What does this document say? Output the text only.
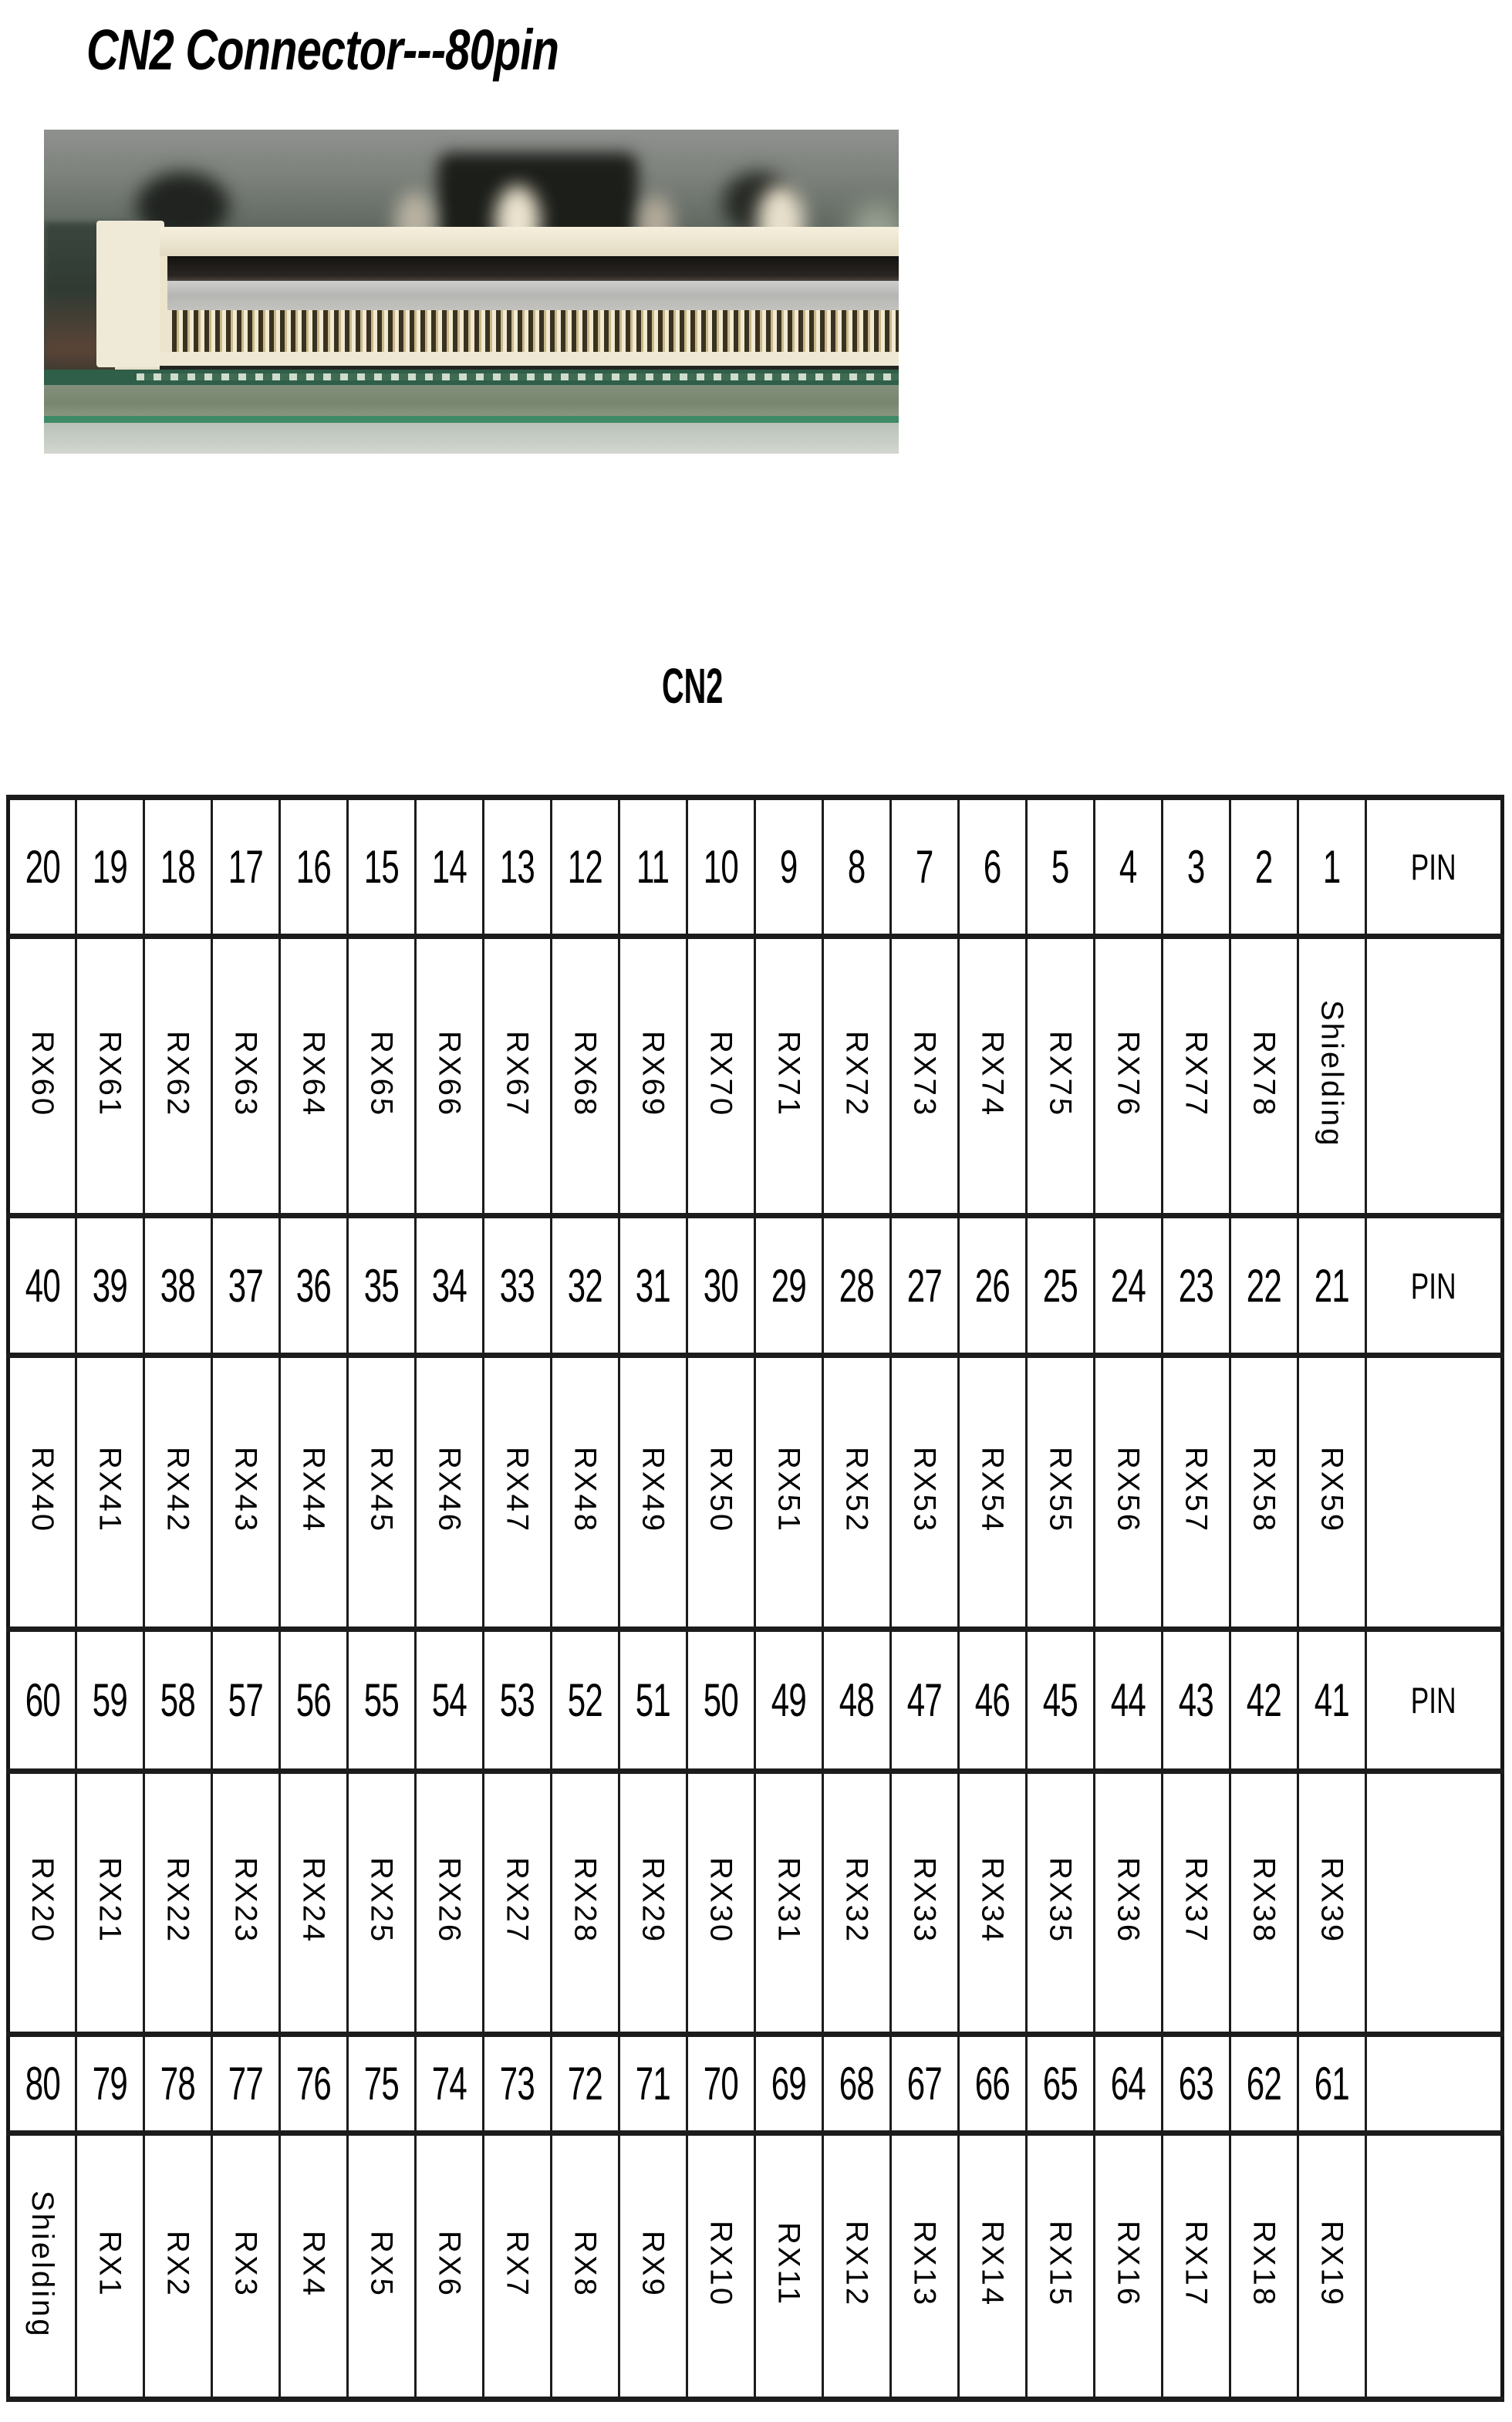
CN2 Connector---80pin
CN2
20	19	18	17	16	15	14	13	12	11	10	9	8	7	6	5	4	3	2	1	PIN
RX60	RX61	RX62	RX63	RX64	RX65	RX66	RX67	RX68	RX69	RX70	RX71	RX72	RX73	RX74	RX75	RX76	RX77	RX78	Shielding	
40	39	38	37	36	35	34	33	32	31	30	29	28	27	26	25	24	23	22	21	PIN
RX40	RX41	RX42	RX43	RX44	RX45	RX46	RX47	RX48	RX49	RX50	RX51	RX52	RX53	RX54	RX55	RX56	RX57	RX58	RX59	
60	59	58	57	56	55	54	53	52	51	50	49	48	47	46	45	44	43	42	41	PIN
RX20	RX21	RX22	RX23	RX24	RX25	RX26	RX27	RX28	RX29	RX30	RX31	RX32	RX33	RX34	RX35	RX36	RX37	RX38	RX39	
80	79	78	77	76	75	74	73	72	71	70	69	68	67	66	65	64	63	62	61	
Shielding	RX1	RX2	RX3	RX4	RX5	RX6	RX7	RX8	RX9	RX10	RX11	RX12	RX13	RX14	RX15	RX16	RX17	RX18	RX19	
